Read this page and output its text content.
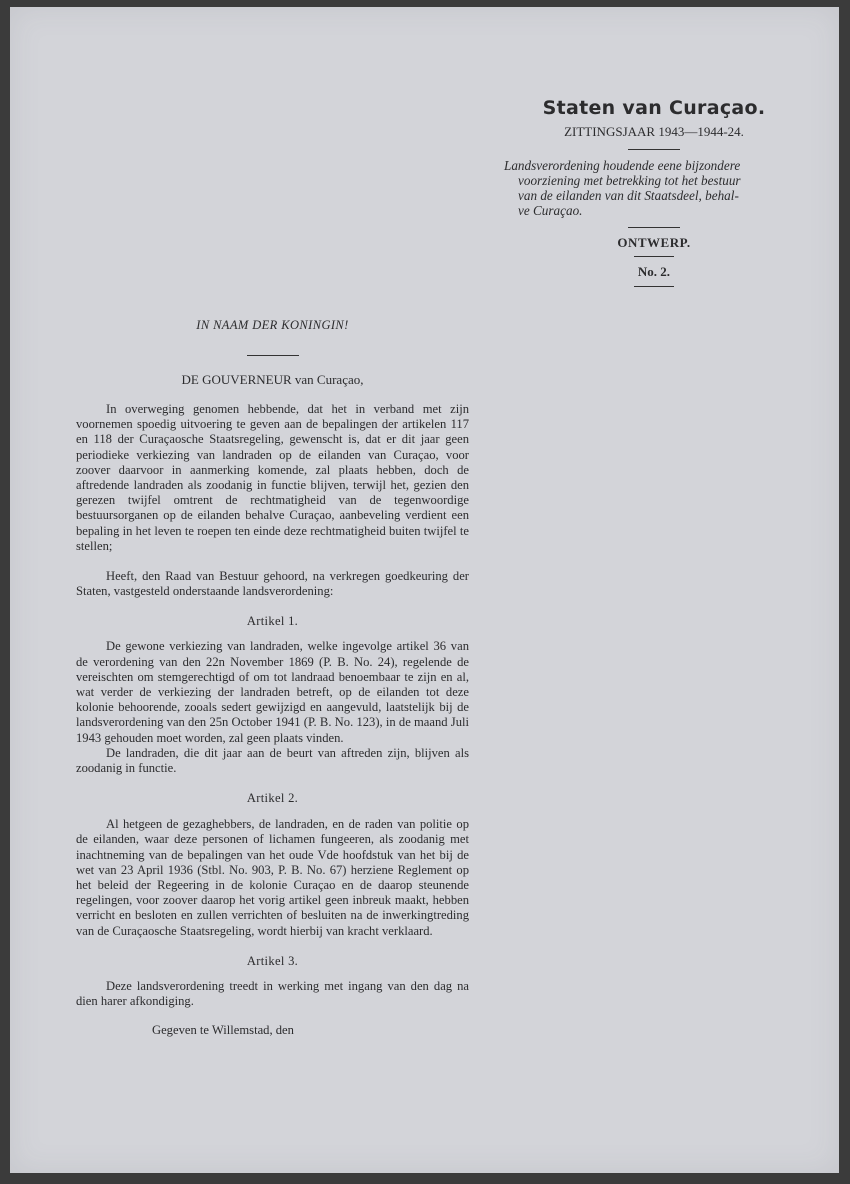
Staten van Curaçao.

ZITTINGSJAAR 1943—1944-24.

Landsverordening houdende eene bijzondere
voorziening met betrekking tot het bestuur
van de eilanden van dit Staatsdeel, behal-
ve Curaçao.

ONTWERP.

No. 2.

IN NAAM DER KONINGIN!

DE GOUVERNEUR van Curaçao,

In overweging genomen hebbende, dat het in verband met zijn voornemen spoedig uitvoering te geven aan de bepalingen der artikelen 117 en 118 der Curaçaosche Staatsregeling, gewenscht is, dat er dit jaar geen periodieke verkiezing van landraden op de eilanden van Curaçao, voor zoover daarvoor in aanmerking komende, zal plaats hebben, doch de aftredende landraden als zoodanig in functie blijven, terwijl het, gezien den gerezen twijfel omtrent de rechtmatigheid van de tegenwoordige bestuursorganen op de eilanden behalve Curaçao, aanbeveling verdient een bepaling in het leven te roepen ten einde deze rechtmatigheid buiten twijfel te stellen;

Heeft, den Raad van Bestuur gehoord, na verkregen goedkeuring der Staten, vastgesteld onderstaande landsverordening:

Artikel 1.

De gewone verkiezing van landraden, welke ingevolge artikel 36 van de verordening van den 22n November 1869 (P. B. No. 24), regelende de vereischten om stemgerechtigd of om tot landraad benoembaar te zijn en al, wat verder de verkiezing der landraden betreft, op de eilanden tot deze kolonie behoorende, zooals sedert gewijzigd en aangevuld, laatstelijk bij de landsverordening van den 25n October 1941 (P. B. No. 123), in de maand Juli 1943 gehouden moet worden, zal geen plaats vinden.

De landraden, die dit jaar aan de beurt van aftreden zijn, blijven als zoodanig in functie.

Artikel 2.

Al hetgeen de gezaghebbers, de landraden, en de raden van politie op de eilanden, waar deze personen of lichamen fungeeren, als zoodanig met inachtneming van de bepalingen van het oude Vde hoofdstuk van het bij de wet van 23 April 1936 (Stbl. No. 903, P. B. No. 67) herziene Reglement op het beleid der Regeering in de kolonie Curaçao en de daarop steunende regelingen, voor zoover daarop het vorig artikel geen inbreuk maakt, hebben verricht en besloten en zullen verrichten of besluiten na de inwerkingtreding van de Curaçaosche Staatsregeling, wordt hierbij van kracht verklaard.

Artikel 3.

Deze landsverordening treedt in werking met ingang van den dag na dien harer afkondiging.

Gegeven te Willemstad, den
